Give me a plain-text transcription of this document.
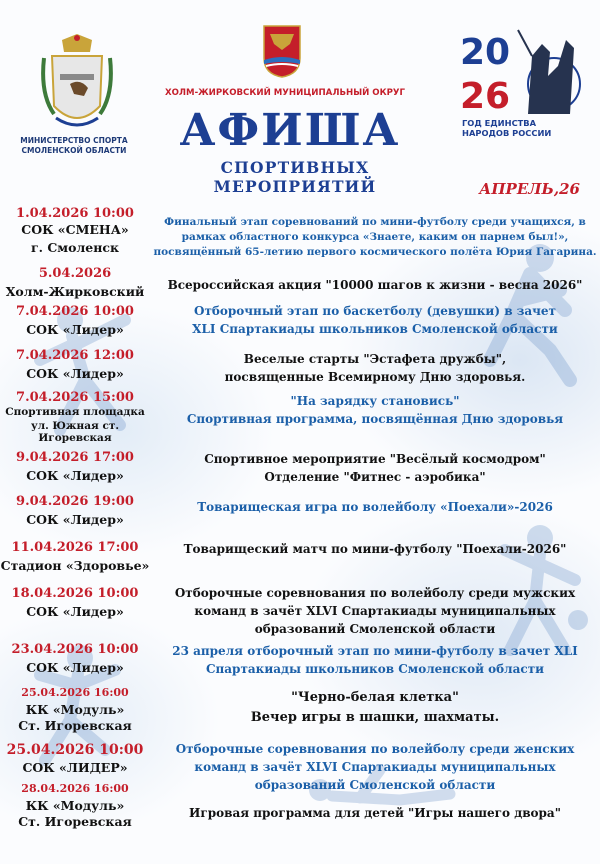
МИНИСТЕРСТВО СПОРТА СМОЛЕНСКОЙ ОБЛАСТИ
ХОЛМ-ЖИРКОВСКИЙ МУНИЦИПАЛЬНЫЙ ОКРУГ
АФИША
СПОРТИВНЫХ МЕРОПРИЯТИЙ	АПРЕЛЬ,26
20
26
ГОД ЕДИНСТВА
НАРОДОВ РОССИИ
1.04.2026 10:00
СОК «СМЕНА»
г. Смоленск
Финальный этап соревнований по мини-футболу среди учащихся, в
рамках областного конкурса «Знаете, каким он парнем был!»,
посвящённый 65-летию первого космического полёта Юрия Гагарина.
5.04.2026
Холм-Жирковский	Всероссийская акция "10000 шагов к жизни - весна 2026"
7.04.2026 10:00
СОК «Лидер»
Отборочный этап по баскетболу (девушки) в зачет
XLI Спартакиады школьников Смоленской области
7.04.2026 12:00
СОК «Лидер»
Веселые старты "Эстафета дружбы",
посвященные Всемирному Дню здоровья.
7.04.2026 15:00
Спортивная площадка
ул. Южная ст. Игоревская
"На зарядку становись"
Спортивная программа, посвящённая Дню здоровья
9.04.2026 17:00
СОК «Лидер»
Спортивное мероприятие "Весёлый космодром"
Отделение "Фитнес - аэробика"
9.04.2026 19:00
СОК «Лидер»
Товарищеская игра по волейболу «Поехали»-2026
11.04.2026 17:00
Стадион «Здоровье»
Товарищеский матч по мини-футболу "Поехали-2026"
18.04.2026 10:00
СОК «Лидер»
Отборочные соревнования по волейболу среди мужских
команд в зачёт XLVI Спартакиады муниципальных
образований Смоленской области
23.04.2026 10:00
СОК «Лидер»
23 апреля отборочный этап по мини-футболу в зачет XLI
Спартакиады школьников Смоленской области
25.04.2026 16:00
КК «Модуль»
Ст. Игоревская
"Черно-белая клетка"
Вечер игры в шашки, шахматы.
25.04.2026 10:00
СОК «ЛИДЕР»
Отборочные соревнования по волейболу среди женских
команд в зачёт XLVI Спартакиады муниципальных
образований Смоленской области
28.04.2026 16:00
КК «Модуль»
Ст. Игоревская
Игровая программа для детей "Игры нашего двора"
